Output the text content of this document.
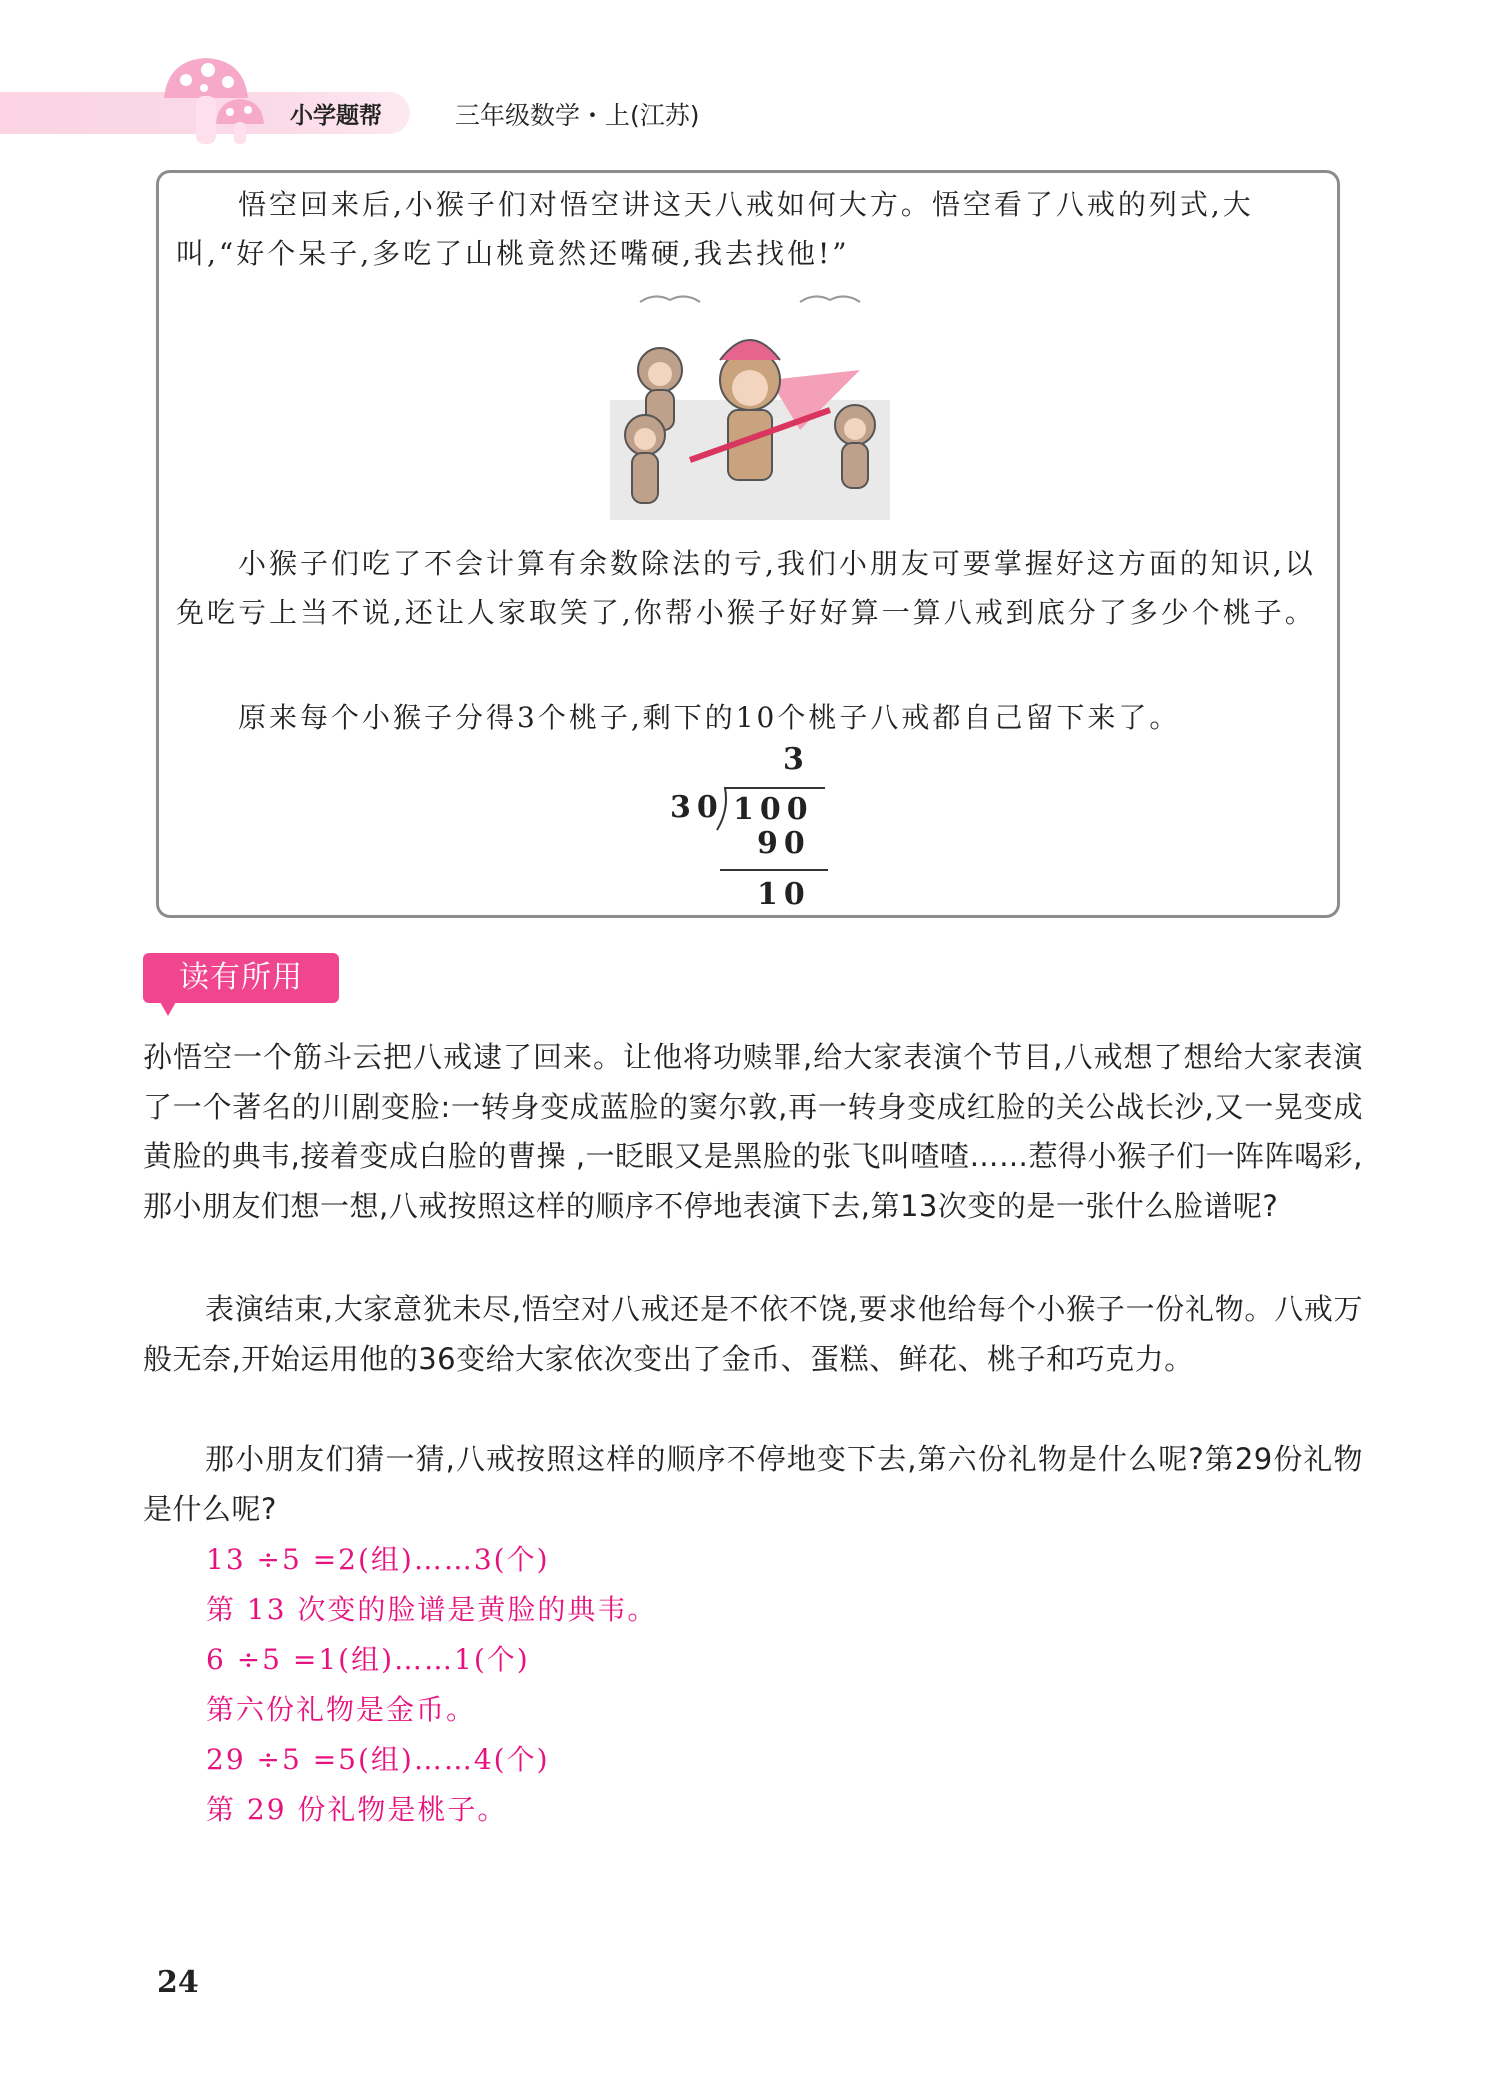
小学题帮	三年级数学・上(江苏)

悟空回来后,小猴子们对悟空讲这天八戒如何大方。悟空看了八戒的列式,大叫,“好个呆子,多吃了山桃竟然还嘴硬,我去找他!”

小猴子们吃了不会计算有余数除法的亏,我们小朋友可要掌握好这方面的知识,以免吃亏上当不说,还让人家取笑了,你帮小猴子好好算一算八戒到底分了多少个桃子。

原来每个小猴子分得3个桃子,剩下的10个桃子八戒都自己留下来了。

3
30 100
90
10
读有所用

孙悟空一个筋斗云把八戒逮了回来。让他将功赎罪,给大家表演个节目,八戒想了想给大家表演了一个著名的川剧变脸:一转身变成蓝脸的窦尔敦,再一转身变成红脸的关公战长沙,又一晃变成黄脸的典韦,接着变成白脸的曹操 ,一眨眼又是黑脸的张飞叫喳喳……惹得小猴子们一阵阵喝彩,那小朋友们想一想,八戒按照这样的顺序不停地表演下去,第13次变的是一张什么脸谱呢?

表演结束,大家意犹未尽,悟空对八戒还是不依不饶,要求他给每个小猴子一份礼物。八戒万般无奈,开始运用他的36变给大家依次变出了金币、蛋糕、鲜花、桃子和巧克力。

那小朋友们猜一猜,八戒按照这样的顺序不停地变下去,第六份礼物是什么呢?第29份礼物是什么呢?

13 ÷5 =2(组)……3(个)
第 13 次变的脸谱是黄脸的典韦。
6 ÷5 =1(组)……1(个)
第六份礼物是金币。
29 ÷5 =5(组)……4(个)
第 29 份礼物是桃子。
24
